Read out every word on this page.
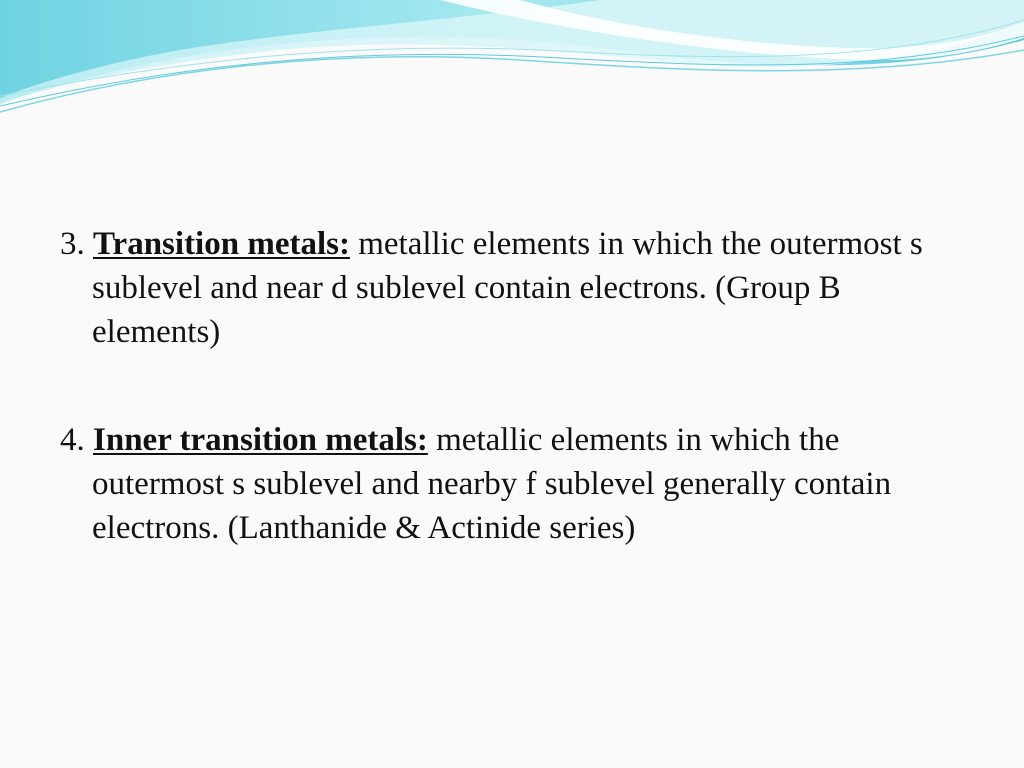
3. Transition metals: metallic elements in which the outermost s sublevel and near d sublevel contain electrons. (Group B elements)

4. Inner transition metals: metallic elements in which the outermost s sublevel and nearby f sublevel generally contain electrons. (Lanthanide & Actinide series)
